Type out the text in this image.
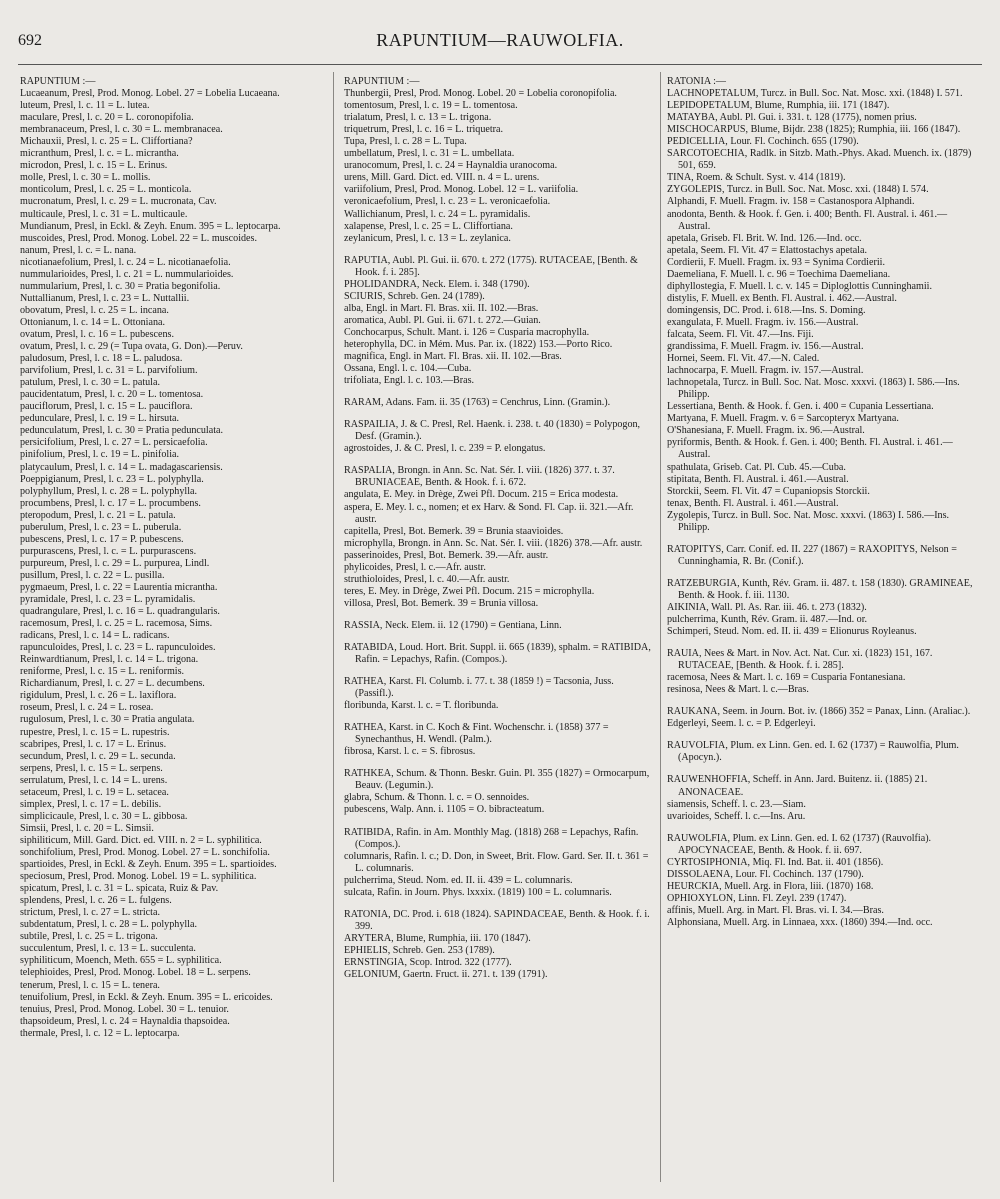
692	RAPUNTIUM—RAUWOLFIA.

RAPUNTIUM :—

Lucaeanum, Presl, Prod. Monog. Lobel. 27 = Lobelia Lucaeana.

luteum, Presl, l. c. 11 = L. lutea.

maculare, Presl, l. c. 20 = L. coronopifolia.

membranaceum, Presl, l. c. 30 = L. membranacea.

Michauxii, Presl, l. c. 25 = L. Cliffortiana?

micranthum, Presl, l. c. = L. micrantha.

microdon, Presl, l. c. 15 = L. Erinus.

molle, Presl, l. c. 30 = L. mollis.

monticolum, Presl, l. c. 25 = L. monticola.

mucronatum, Presl, l. c. 29 = L. mucronata, Cav.

multicaule, Presl, l. c. 31 = L. multicaule.

Mundianum, Presl, in Eckl. & Zeyh. Enum. 395 = L. leptocarpa.

muscoides, Presl, Prod. Monog. Lobel. 22 = L. muscoides.

nanum, Presl, l. c. = L. nana.

nicotianaefolium, Presl, l. c. 24 = L. nicotianaefolia.

nummularioides, Presl, l. c. 21 = L. nummularioides.

nummularium, Presl, l. c. 30 = Pratia begonifolia.

Nuttallianum, Presl, l. c. 23 = L. Nuttallii.

obovatum, Presl, l. c. 25 = L. incana.

Ottonianum, l. c. 14 = L. Ottoniana.

ovatum, Presl, l. c. 16 = L. pubescens.

ovatum, Presl, l. c. 29 (= Tupa ovata, G. Don).—Peruv.

paludosum, Presl, l. c. 18 = L. paludosa.

parvifolium, Presl, l. c. 31 = L. parvifolium.

patulum, Presl, l. c. 30 = L. patula.

paucidentatum, Presl, l. c. 20 = L. tomentosa.

pauciflorum, Presl, l. c. 15 = L. pauciflora.

pedunculare, Presl, l. c. 19 = L. hirsuta.

pedunculatum, Presl, l. c. 30 = Pratia pedunculata.

persicifolium, Presl, l. c. 27 = L. persicaefolia.

pinifolium, Presl, l. c. 19 = L. pinifolia.

platycaulum, Presl, l. c. 14 = L. madagascariensis.

Poeppigianum, Presl, l. c. 23 = L. polyphylla.

polyphyllum, Presl, l. c. 28 = L. polyphylla.

procumbens, Presl, l. c. 17 = L. procumbens.

pteropodum, Presl, l. c. 21 = L. patula.

puberulum, Presl, l. c. 23 = L. puberula.

pubescens, Presl, l. c. 17 = P. pubescens.

purpurascens, Presl, l. c. = L. purpurascens.

purpureum, Presl, l. c. 29 = L. purpurea, Lindl.

pusillum, Presl, l. c. 22 = L. pusilla.

pygmaeum, Presl, l. c. 22 = Laurentia micrantha.

pyramidale, Presl, l. c. 23 = L. pyramidalis.

quadrangulare, Presl, l. c. 16 = L. quadrangularis.

racemosum, Presl, l. c. 25 = L. racemosa, Sims.

radicans, Presl, l. c. 14 = L. radicans.

rapunculoides, Presl, l. c. 23 = L. rapunculoides.

Reinwardtianum, Presl, l. c. 14 = L. trigona.

reniforme, Presl, l. c. 15 = L. reniformis.

Richardianum, Presl, l. c. 27 = L. decumbens.

rigidulum, Presl, l. c. 26 = L. laxiflora.

roseum, Presl, l. c. 24 = L. rosea.

rugulosum, Presl, l. c. 30 = Pratia angulata.

rupestre, Presl, l. c. 15 = L. rupestris.

scabripes, Presl, l. c. 17 = L. Erinus.

secundum, Presl, l. c. 29 = L. secunda.

serpens, Presl, l. c. 15 = L. serpens.

serrulatum, Presl, l. c. 14 = L. urens.

setaceum, Presl, l. c. 19 = L. setacea.

simplex, Presl, l. c. 17 = L. debilis.

simplicicaule, Presl, l. c. 30 = L. gibbosa.

Simsii, Presl, l. c. 20 = L. Simsii.

siphiliticum, Mill. Gard. Dict. ed. VIII. n. 2 = L. syphilitica.

sonchifolium, Presl, Prod. Monog. Lobel. 27 = L. sonchifolia.

spartioides, Presl, in Eckl. & Zeyh. Enum. 395 = L. spartioides.

speciosum, Presl, Prod. Monog. Lobel. 19 = L. syphilitica.

spicatum, Presl, l. c. 31 = L. spicata, Ruiz & Pav.

splendens, Presl, l. c. 26 = L. fulgens.

strictum, Presl, l. c. 27 = L. stricta.

subdentatum, Presl, l. c. 28 = L. polyphylla.

subtile, Presl, l. c. 25 = L. trigona.

succulentum, Presl, l. c. 13 = L. succulenta.

syphiliticum, Moench, Meth. 655 = L. syphilitica.

telephioides, Presl, Prod. Monog. Lobel. 18 = L. serpens.

tenerum, Presl, l. c. 15 = L. tenera.

tenuifolium, Presl, in Eckl. & Zeyh. Enum. 395 = L. ericoides.

tenuius, Presl, Prod. Monog. Lobel. 30 = L. tenuior.

thapsoideum, Presl, l. c. 24 = Haynaldia thapsoidea.

thermale, Presl, l. c. 12 = L. leptocarpa.

RAPUNTIUM :—

Thunbergii, Presl, Prod. Monog. Lobel. 20 = Lobelia coronopifolia.

tomentosum, Presl, l. c. 19 = L. tomentosa.

trialatum, Presl, l. c. 13 = L. trigona.

triquetrum, Presl, l. c. 16 = L. triquetra.

Tupa, Presl, l. c. 28 = L. Tupa.

umbellatum, Presl, l. c. 31 = L. umbellata.

uranocomum, Presl, l. c. 24 = Haynaldia uranocoma.

urens, Mill. Gard. Dict. ed. VIII. n. 4 = L. urens.

variifolium, Presl, Prod. Monog. Lobel. 12 = L. variifolia.

veronicaefolium, Presl, l. c. 23 = L. veronicaefolia.

Wallichianum, Presl, l. c. 24 = L. pyramidalis.

xalapense, Presl, l. c. 25 = L. Cliffortiana.

zeylanicum, Presl, l. c. 13 = L. zeylanica.

RAPUTIA, Aubl. Pl. Gui. ii. 670. t. 272 (1775). RUTACEAE, [Benth. & Hook. f. i. 285].

PHOLIDANDRA, Neck. Elem. i. 348 (1790).

SCIURIS, Schreb. Gen. 24 (1789).

alba, Engl. in Mart. Fl. Bras. xii. II. 102.—Bras.

aromatica, Aubl. Pl. Gui. ii. 671. t. 272.—Guian.

Conchocarpus, Schult. Mant. i. 126 = Cusparia macrophylla.

heterophylla, DC. in Mém. Mus. Par. ix. (1822) 153.—Porto Rico.

magnifica, Engl. in Mart. Fl. Bras. xii. II. 102.—Bras.

Ossana, Engl. l. c. 104.—Cuba.

trifoliata, Engl. l. c. 103.—Bras.

RARAM, Adans. Fam. ii. 35 (1763) = Cenchrus, Linn. (Gramin.).

RASPAILIA, J. & C. Presl, Rel. Haenk. i. 238. t. 40 (1830) = Polypogon, Desf. (Gramin.).

agrostoides, J. & C. Presl, l. c. 239 = P. elongatus.

RASPALIA, Brongn. in Ann. Sc. Nat. Sér. I. viii. (1826) 377. t. 37. BRUNIACEAE, Benth. & Hook. f. i. 672.

angulata, E. Mey. in Drège, Zwei Pfl. Docum. 215 = Erica modesta.

aspera, E. Mey. l. c., nomen; et ex Harv. & Sond. Fl. Cap. ii. 321.—Afr. austr.

capitella, Presl, Bot. Bemerk. 39 = Brunia staavioides.

microphylla, Brongn. in Ann. Sc. Nat. Sér. I. viii. (1826) 378.—Afr. austr.

passerinoides, Presl, Bot. Bemerk. 39.—Afr. austr.

phylicoides, Presl, l. c.—Afr. austr.

struthioloides, Presl, l. c. 40.—Afr. austr.

teres, E. Mey. in Drège, Zwei Pfl. Docum. 215 = microphylla.

villosa, Presl, Bot. Bemerk. 39 = Brunia villosa.

RASSIA, Neck. Elem. ii. 12 (1790) = Gentiana, Linn.

RATABIDA, Loud. Hort. Brit. Suppl. ii. 665 (1839), sphalm. = RATIBIDA, Rafin. = Lepachys, Rafin. (Compos.).

RATHEA, Karst. Fl. Columb. i. 77. t. 38 (1859 !) = Tacsonia, Juss. (Passifl.).

floribunda, Karst. l. c. = T. floribunda.

RATHEA, Karst. in C. Koch & Fint. Wochenschr. i. (1858) 377 = Synechanthus, H. Wendl. (Palm.).

fibrosa, Karst. l. c. = S. fibrosus.

RATHKEA, Schum. & Thonn. Beskr. Guin. Pl. 355 (1827) = Ormocarpum, Beauv. (Legumin.).

glabra, Schum. & Thonn. l. c. = O. sennoides.

pubescens, Walp. Ann. i. 1105 = O. bibracteatum.

RATIBIDA, Rafin. in Am. Monthly Mag. (1818) 268 = Lepachys, Rafin. (Compos.).

columnaris, Rafin. l. c.; D. Don, in Sweet, Brit. Flow. Gard. Ser. II. t. 361 = L. columnaris.

pulcherrima, Steud. Nom. ed. II. ii. 439 = L. columnaris.

sulcata, Rafin. in Journ. Phys. lxxxix. (1819) 100 = L. columnaris.

RATONIA, DC. Prod. i. 618 (1824). SAPINDACEAE, Benth. & Hook. f. i. 399.

ARYTERA, Blume, Rumphia, iii. 170 (1847).

EPHIELIS, Schreb. Gen. 253 (1789).

ERNSTINGIA, Scop. Introd. 322 (1777).

GELONIUM, Gaertn. Fruct. ii. 271. t. 139 (1791).

RATONIA :—

LACHNOPETALUM, Turcz. in Bull. Soc. Nat. Mosc. xxi. (1848) I. 571.

LEPIDOPETALUM, Blume, Rumphia, iii. 171 (1847).

MATAYBA, Aubl. Pl. Gui. i. 331. t. 128 (1775), nomen prius.

MISCHOCARPUS, Blume, Bijdr. 238 (1825); Rumphia, iii. 166 (1847).

PEDICELLIA, Lour. Fl. Cochinch. 655 (1790).

SARCOTOECHIA, Radlk. in Sitzb. Math.-Phys. Akad. Muench. ix. (1879) 501, 659.

TINA, Roem. & Schult. Syst. v. 414 (1819).

ZYGOLEPIS, Turcz. in Bull. Soc. Nat. Mosc. xxi. (1848) I. 574.

Alphandi, F. Muell. Fragm. iv. 158 = Castanospora Alphandi.

anodonta, Benth. & Hook. f. Gen. i. 400; Benth. Fl. Austral. i. 461.—Austral.

apetala, Griseb. Fl. Brit. W. Ind. 126.—Ind. occ.

apetala, Seem. Fl. Vit. 47 = Elattostachys apetala.

Cordierii, F. Muell. Fragm. ix. 93 = Synima Cordierii.

Daemeliana, F. Muell. l. c. 96 = Toechima Daemeliana.

diphyllostegia, F. Muell. l. c. v. 145 = Diploglottis Cunninghamii.

distylis, F. Muell. ex Benth. Fl. Austral. i. 462.—Austral.

domingensis, DC. Prod. i. 618.—Ins. S. Doming.

exangulata, F. Muell. Fragm. iv. 156.—Austral.

falcata, Seem. Fl. Vit. 47.—Ins. Fiji.

grandissima, F. Muell. Fragm. iv. 156.—Austral.

Hornei, Seem. Fl. Vit. 47.—N. Caled.

lachnocarpa, F. Muell. Fragm. iv. 157.—Austral.

lachnopetala, Turcz. in Bull. Soc. Nat. Mosc. xxxvi. (1863) I. 586.—Ins. Philipp.

Lessertiana, Benth. & Hook. f. Gen. i. 400 = Cupania Lessertiana.

Martyana, F. Muell. Fragm. v. 6 = Sarcopteryx Martyana.

O'Shanesiana, F. Muell. Fragm. ix. 96.—Austral.

pyriformis, Benth. & Hook. f. Gen. i. 400; Benth. Fl. Austral. i. 461.—Austral.

spathulata, Griseb. Cat. Pl. Cub. 45.—Cuba.

stipitata, Benth. Fl. Austral. i. 461.—Austral.

Storckii, Seem. Fl. Vit. 47 = Cupaniopsis Storckii.

tenax, Benth. Fl. Austral. i. 461.—Austral.

Zygolepis, Turcz. in Bull. Soc. Nat. Mosc. xxxvi. (1863) I. 586.—Ins. Philipp.

RATOPITYS, Carr. Conif. ed. II. 227 (1867) = RAXOPITYS, Nelson = Cunninghamia, R. Br. (Conif.).

RATZEBURGIA, Kunth, Rév. Gram. ii. 487. t. 158 (1830). GRAMINEAE, Benth. & Hook. f. iii. 1130.

AIKINIA, Wall. Pl. As. Rar. iii. 46. t. 273 (1832).

pulcherrima, Kunth, Rév. Gram. ii. 487.—Ind. or.

Schimperi, Steud. Nom. ed. II. ii. 439 = Elionurus Royleanus.

RAUIA, Nees & Mart. in Nov. Act. Nat. Cur. xi. (1823) 151, 167. RUTACEAE, [Benth. & Hook. f. i. 285].

racemosa, Nees & Mart. l. c. 169 = Cusparia Fontanesiana.

resinosa, Nees & Mart. l. c.—Bras.

RAUKANA, Seem. in Journ. Bot. iv. (1866) 352 = Panax, Linn. (Araliac.).

Edgerleyi, Seem. l. c. = P. Edgerleyi.

RAUVOLFIA, Plum. ex Linn. Gen. ed. I. 62 (1737) = Rauwolfia, Plum. (Apocyn.).

RAUWENHOFFIA, Scheff. in Ann. Jard. Buitenz. ii. (1885) 21. ANONACEAE.

siamensis, Scheff. l. c. 23.—Siam.

uvarioides, Scheff. l. c.—Ins. Aru.

RAUWOLFIA, Plum. ex Linn. Gen. ed. I. 62 (1737) (Rauvolfia). APOCYNACEAE, Benth. & Hook. f. ii. 697.

CYRTOSIPHONIA, Miq. Fl. Ind. Bat. ii. 401 (1856).

DISSOLAENA, Lour. Fl. Cochinch. 137 (1790).

HEURCKIA, Muell. Arg. in Flora, liii. (1870) 168.

OPHIOXYLON, Linn. Fl. Zeyl. 239 (1747).

affinis, Muell. Arg. in Mart. Fl. Bras. vi. I. 34.—Bras.

Alphonsiana, Muell. Arg. in Linnaea, xxx. (1860) 394.—Ind. occ.
